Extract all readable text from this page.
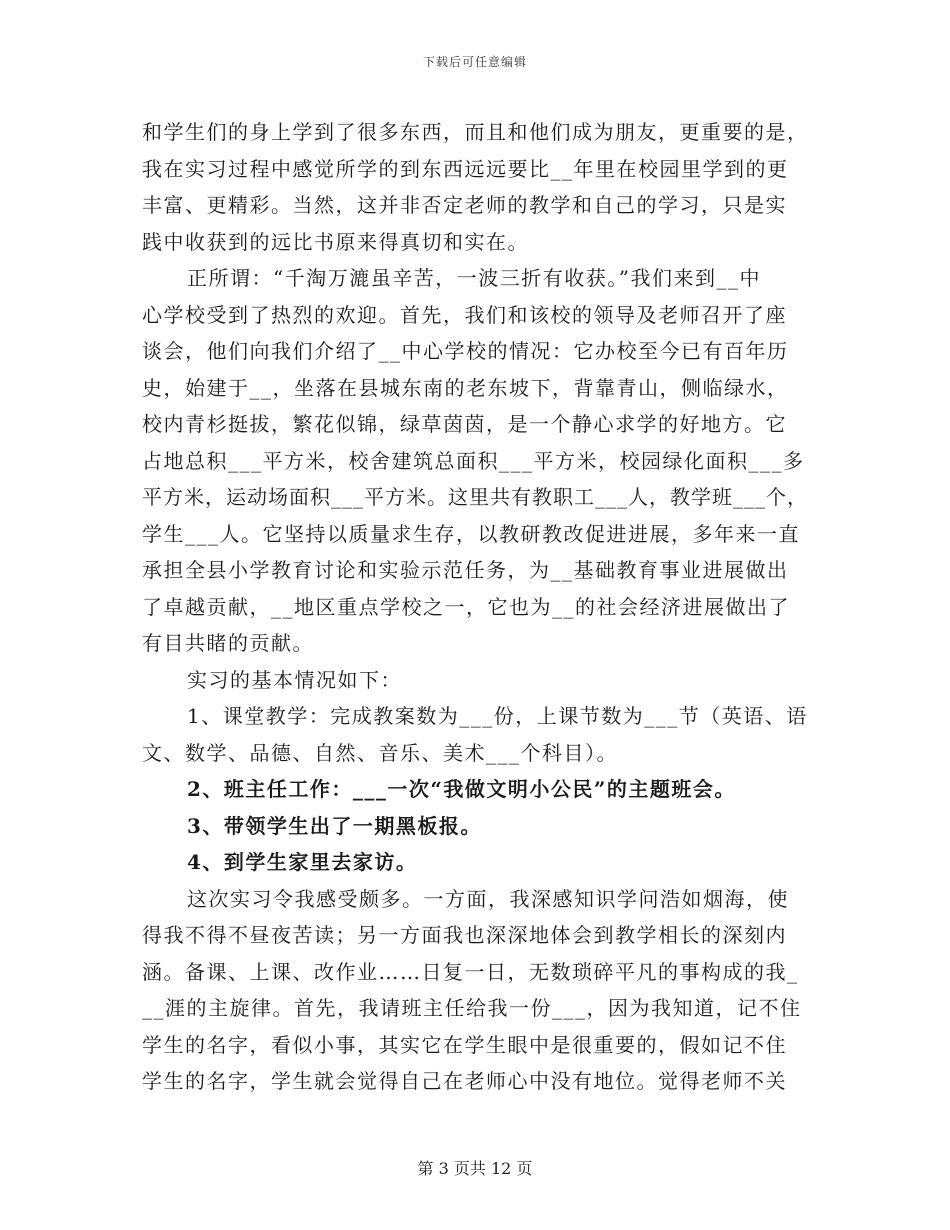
下载后可任意编辑
和学生们的身上学到了很多东西，而且和他们成为朋友，更重要的是，
我在实习过程中感觉所学的到东西远远要比__年里在校园里学到的更
丰富、更精彩。当然，这并非否定老师的教学和自己的学习，只是实
践中收获到的远比书原来得真切和实在。
正所谓：“千淘万漉虽辛苦，一波三折有收获。”我们来到__中
心学校受到了热烈的欢迎。首先，我们和该校的领导及老师召开了座
谈会，他们向我们介绍了__中心学校的情况：它办校至今已有百年历
史，始建于__，坐落在县城东南的老东坡下，背靠青山，侧临绿水，
校内青杉挺拔，繁花似锦，绿草茵茵，是一个静心求学的好地方。它
占地总积___平方米，校舍建筑总面积___平方米，校园绿化面积___多
平方米，运动场面积___平方米。这里共有教职工___人，教学班___个，
学生___人。它坚持以质量求生存，以教研教改促进进展，多年来一直
承担全县小学教育讨论和实验示范任务，为__基础教育事业进展做出
了卓越贡献，__地区重点学校之一，它也为__的社会经济进展做出了
有目共睹的贡献。
实习的基本情况如下：
1、课堂教学：完成教案数为___份，上课节数为___节（英语、语
文、数学、品德、自然、音乐、美术___个科目）。
2、班主任工作：___一次“我做文明小公民”的主题班会。
3、带领学生出了一期黑板报。
4、到学生家里去家访。
这次实习令我感受颇多。一方面，我深感知识学问浩如烟海，使
得我不得不昼夜苦读；另一方面我也深深地体会到教学相长的深刻内
涵。备课、上课、改作业……日复一日，无数琐碎平凡的事构成的我_
__涯的主旋律。首先，我请班主任给我一份___，因为我知道，记不住
学生的名字，看似小事，其实它在学生眼中是很重要的，假如记不住
学生的名字，学生就会觉得自己在老师心中没有地位。觉得老师不关
第 3 页共 12 页
